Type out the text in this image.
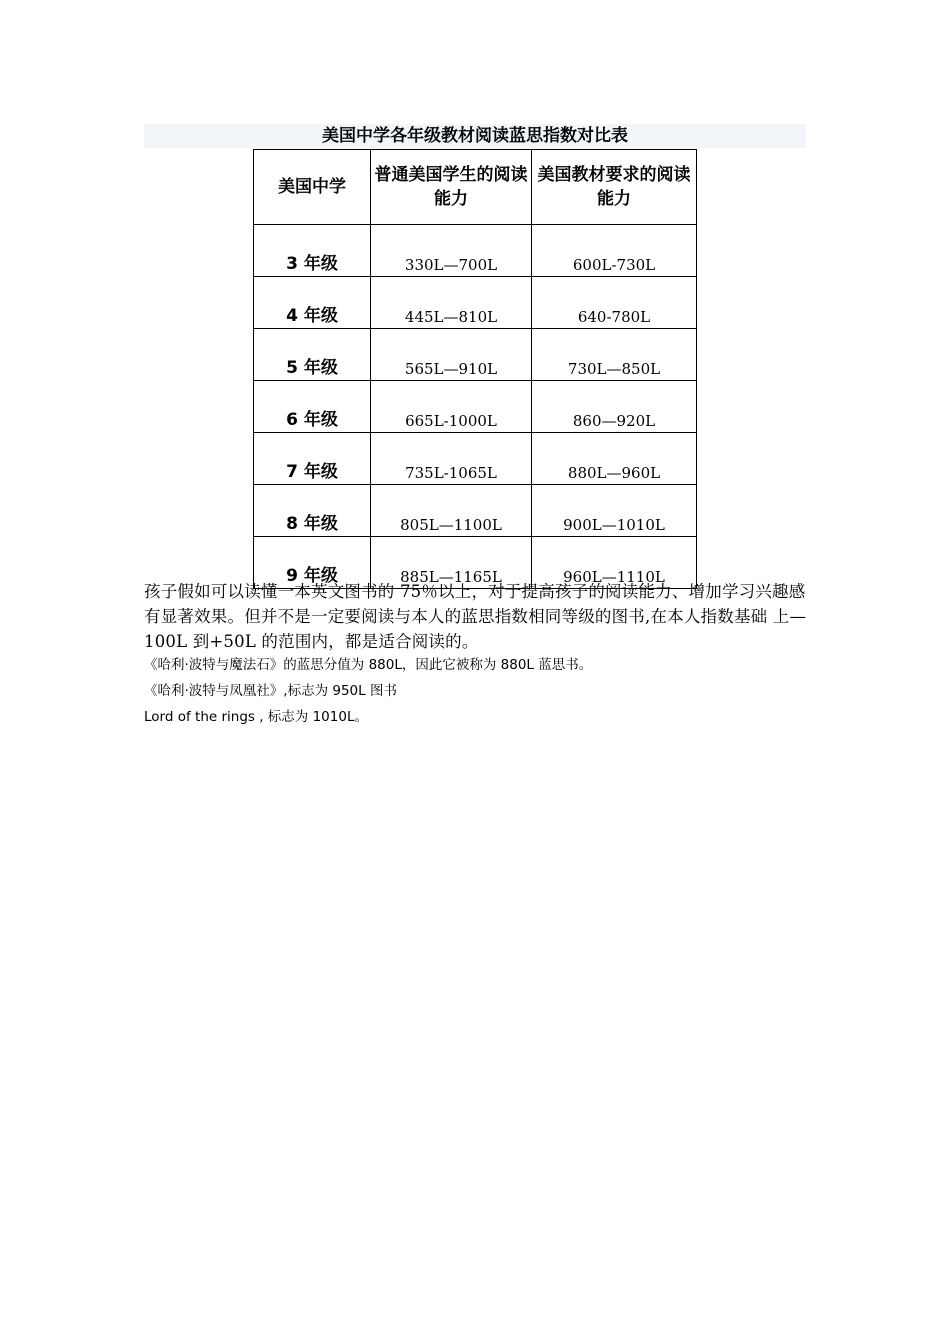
美国中学各年级教材阅读蓝思指数对比表
美国中学	普通美国学生的阅读能力	美国教材要求的阅读能力
3 年级	330L—700L	600L-730L
4 年级	445L—810L	640-780L
5 年级	565L—910L	730L—850L
6 年级	665L-1000L	860—920L
7 年级	735L-1065L	880L—960L
8 年级	805L—1100L	900L—1010L
9 年级	885L—1165L	960L—1110L
孩子假如可以读懂一本英文图书的 75％以上，对于提高孩子的阅读能力、增加学习兴趣感有显著效果。但并不是一定要阅读与本人的蓝思指数相同等级的图书,在本人指数基础 上—100L 到+50L 的范围内，都是适合阅读的。
《哈利·波特与魔法石》的蓝思分值为 880L，因此它被称为 880L 蓝思书。
《哈利·波特与凤凰社》,标志为 950L 图书
Lord of the rings , 标志为 1010L。
